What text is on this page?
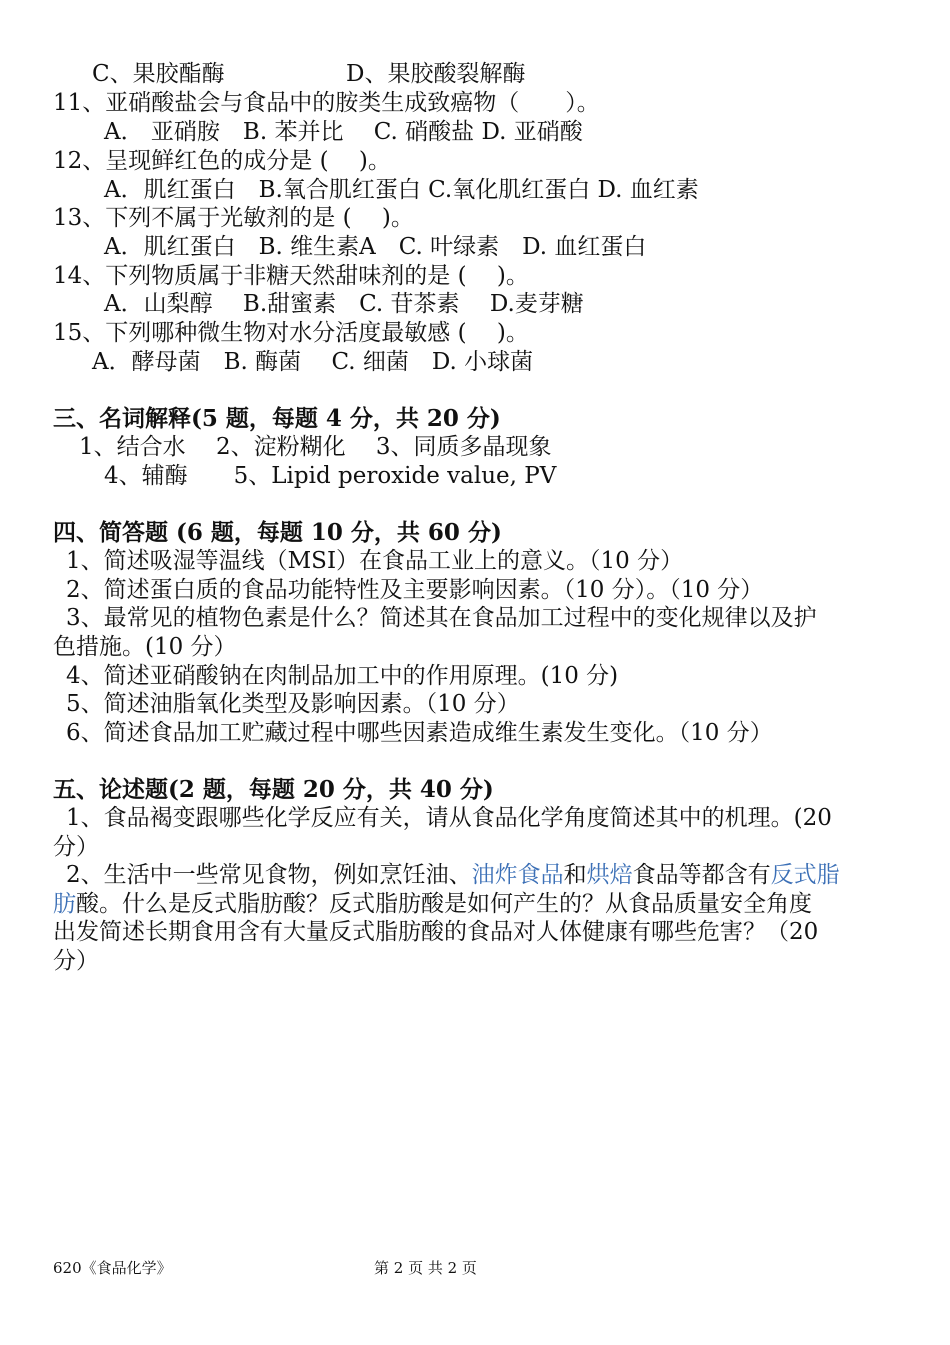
C、果胶酯酶	D、果胶酸裂解酶
11、亚硝酸盐会与食品中的胺类生成致癌物（　　）。
A． 亚硝胺　B. 苯并比　 C. 硝酸盐 D. 亚硝酸
12、呈现鲜红色的成分是 (　 )。
A．肌红蛋白　B.氧合肌红蛋白 C.氧化肌红蛋白 D. 血红素
13、下列不属于光敏剂的是 (　 )。
A．肌红蛋白　B. 维生素A　C. 叶绿素　D. 血红蛋白
14、下列物质属于非糖天然甜味剂的是 (　 )。
A．山梨醇　 B.甜蜜素　C. 苷茶素　 D.麦芽糖
15、下列哪种微生物对水分活度最敏感 (　 )。
A．酵母菌　B. 酶菌　 C. 细菌　D. 小球菌
三、名词解释(5 题，每题 4 分，共 20 分)
1、结合水　 2、淀粉糊化　 3、同质多晶现象
4、辅酶　　5、Lipid peroxide value, PV
四、简答题 (6 题，每题 10 分，共 60 分)
1、简述吸湿等温线（MSI）在食品工业上的意义。（10 分）
2、简述蛋白质的食品功能特性及主要影响因素。（10 分）。（10 分）
3、最常见的植物色素是什么？简述其在食品加工过程中的变化规律以及护
色措施。(10 分）
4、简述亚硝酸钠在肉制品加工中的作用原理。(10 分)
5、简述油脂氧化类型及影响因素。（10 分）
6、简述食品加工贮藏过程中哪些因素造成维生素发生变化。（10 分）
五、论述题(2 题，每题 20 分，共 40 分)
1、食品褐变跟哪些化学反应有关，请从食品化学角度简述其中的机理。(20
分）
2、生活中一些常见食物，例如烹饪油、油炸食品和烘焙食品等都含有反式脂
肪酸。什么是反式脂肪酸？反式脂肪酸是如何产生的？从食品质量安全角度
出发简述长期食用含有大量反式脂肪酸的食品对人体健康有哪些危害？（20
分）
620《食品化学》	第 2 页 共 2 页
